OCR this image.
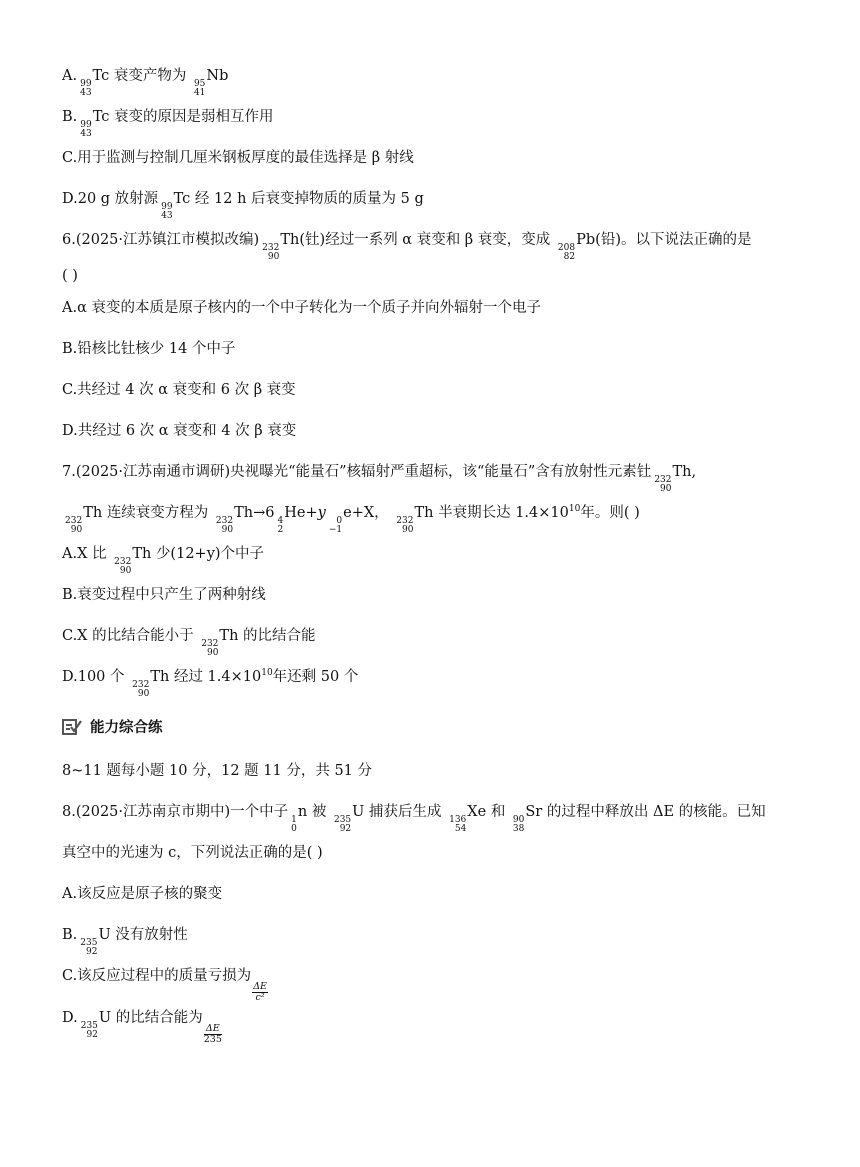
A. 99
43
Tc 衰变产物为 95
41
Nb
B. 99
43
Tc 衰变的原因是弱相互作用
C.用于监测与控制几厘米钢板厚度的最佳选择是 β 射线
D.20 g 放射源 99
43
Tc 经 12 h 后衰变掉物质的质量为 5 g
6.(2025·江苏镇江市模拟改编) 232
90
Th(钍)经过一系列 α 衰变和 β 衰变，变成 208
82
Pb(铅)。以下说法正确的是
( )
A.α 衰变的本质是原子核内的一个中子转化为一个质子并向外辐射一个电子
B.铅核比钍核少 14 个中子
C.共经过 4 次 α 衰变和 6 次 β 衰变
D.共经过 6 次 α 衰变和 4 次 β 衰变
7.(2025·江苏南通市调研)央视曝光“能量石”核辐射严重超标，该“能量石”含有放射性元素钍 232
90
Th,
232
90
Th 连续衰变方程为 232
90
Th→6 4
2
He+y	0
−1
e+X， 232
90
Th 半衰期长达 $1.4\times 10^{10}$年。则( )
A.X 比 232
90
Th 少(12+y)个中子
B.衰变过程中只产生了两种射线
C.X 的比结合能小于 232
90
Th 的比结合能
D.100 个 232
90
Th 经过 $1.4\times 10^{10}$年还剩 50 个
能力综合练
8~11 题每小题 10 分，12 题 11 分，共 51 分
8.(2025·江苏南京市期中)一个中子 1
0
n 被 235
92
U 捕获后生成 136
54
Xe 和 90
38
Sr 的过程中释放出 ΔE 的核能。已知
真空中的光速为 c，下列说法正确的是( )
A.该反应是原子核的聚变
B. 235
92
U 没有放射性
C.该反应过程中的质量亏损为
$\frac{\Delta E}{\text{c²}}$
D. 235
92
U 的比结合能为
$\frac{\Delta E}{235}$
